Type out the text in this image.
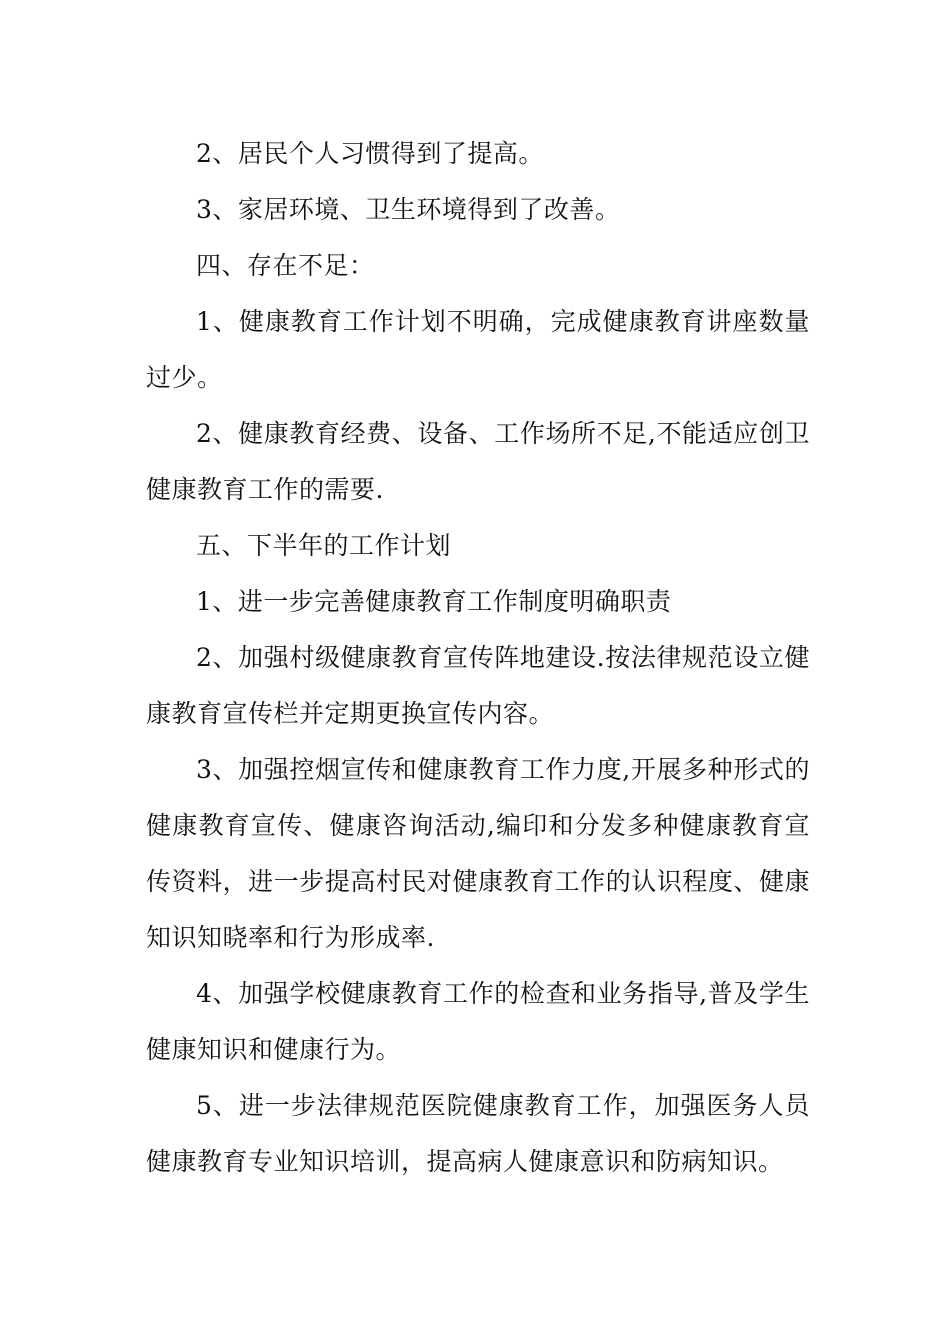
2、居民个人习惯得到了提高。

3、家居环境、卫生环境得到了改善。

四、存在不足：

1、健康教育工作计划不明确，完成健康教育讲座数量过少。

2、健康教育经费、设备、工作场所不足,不能适应创卫健康教育工作的需要.

五、下半年的工作计划

1、进一步完善健康教育工作制度明确职责

2、加强村级健康教育宣传阵地建设.按法律规范设立健康教育宣传栏并定期更换宣传内容。

3、加强控烟宣传和健康教育工作力度,开展多种形式的健康教育宣传、健康咨询活动,编印和分发多种健康教育宣传资料，进一步提高村民对健康教育工作的认识程度、健康知识知晓率和行为形成率.

4、加强学校健康教育工作的检查和业务指导,普及学生健康知识和健康行为。

5、进一步法律规范医院健康教育工作，加强医务人员健康教育专业知识培训，提高病人健康意识和防病知识。
